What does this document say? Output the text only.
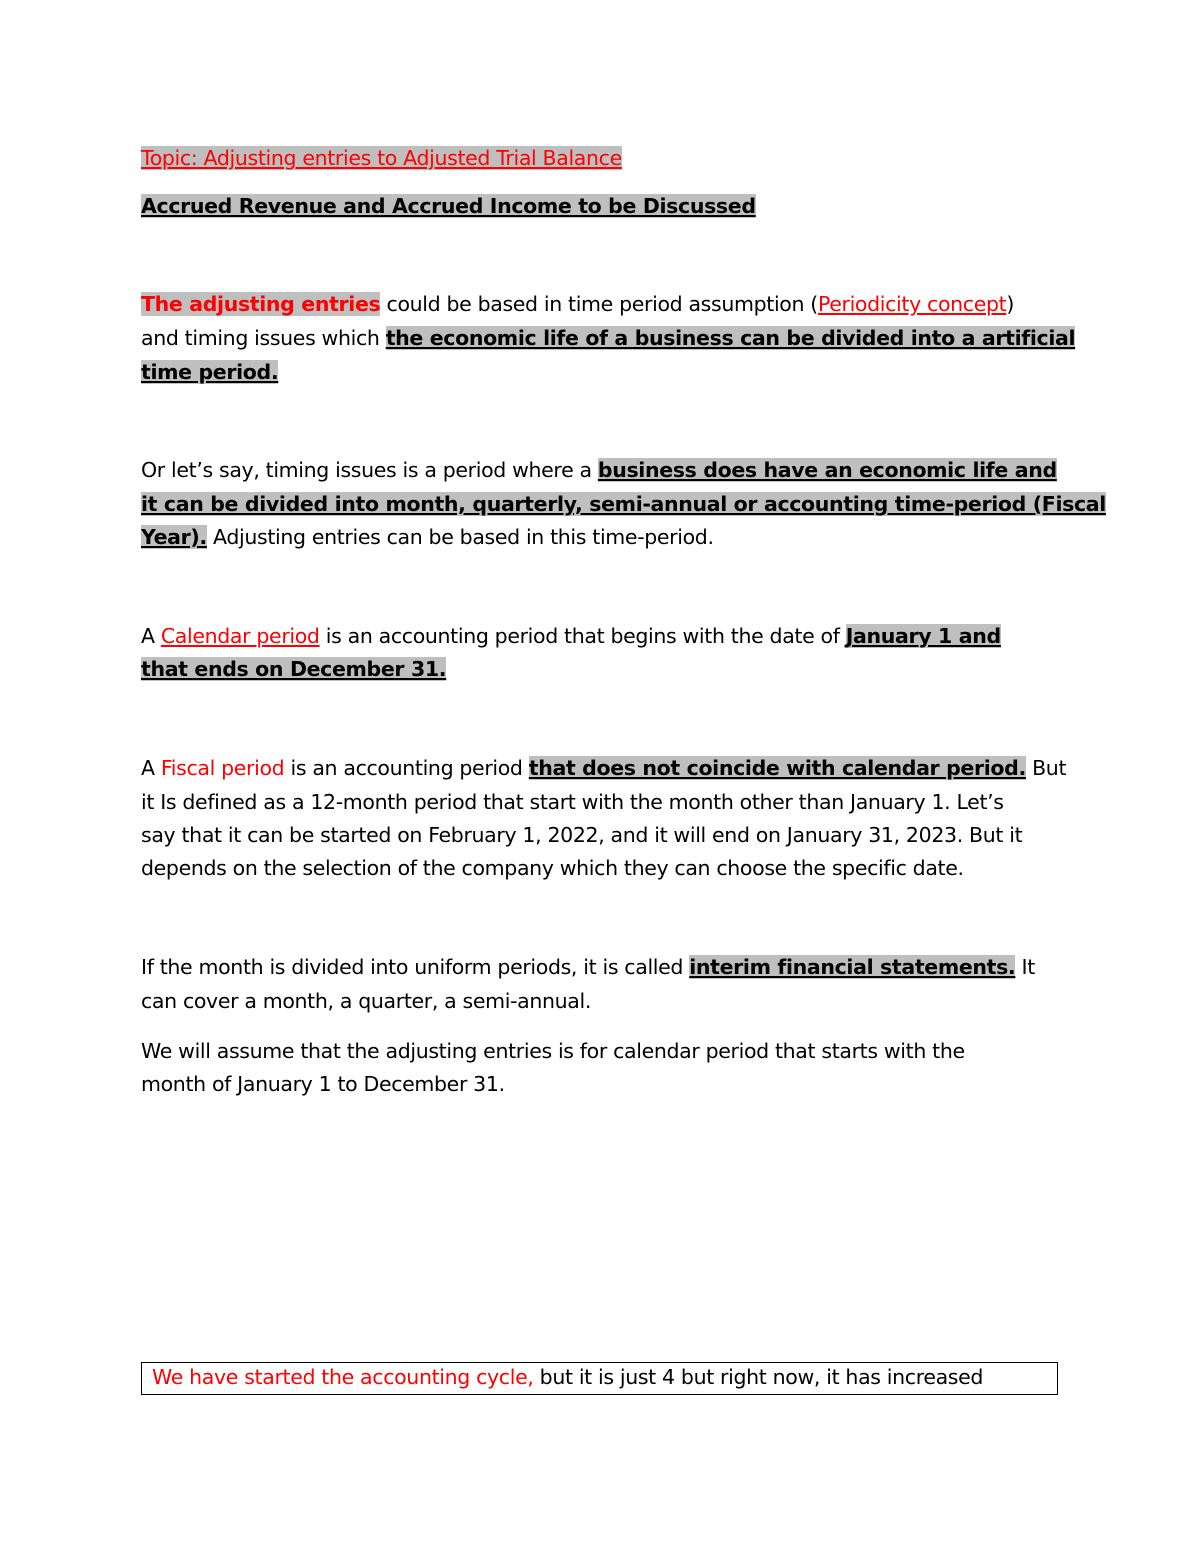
Topic: Adjusting entries to Adjusted Trial Balance
Accrued Revenue and Accrued Income to be Discussed
The adjusting entries could be based in time period assumption (Periodicity concept)
and timing issues which the economic life of a business can be divided into a artificial
time period.
Or let’s say, timing issues is a period where a business does have an economic life and
it can be divided into month, quarterly, semi-annual or accounting time-period (Fiscal
Year). Adjusting entries can be based in this time-period.
A Calendar period is an accounting period that begins with the date of January 1 and
that ends on December 31.
A Fiscal period is an accounting period that does not coincide with calendar period. But
it Is defined as a 12-month period that start with the month other than January 1. Let’s
say that it can be started on February 1, 2022, and it will end on January 31, 2023. But it
depends on the selection of the company which they can choose the specific date.
If the month is divided into uniform periods, it is called interim financial statements. It
can cover a month, a quarter, a semi-annual.
We will assume that the adjusting entries is for calendar period that starts with the
month of January 1 to December 31.
We have started the accounting cycle, but it is just 4 but right now, it has increased
